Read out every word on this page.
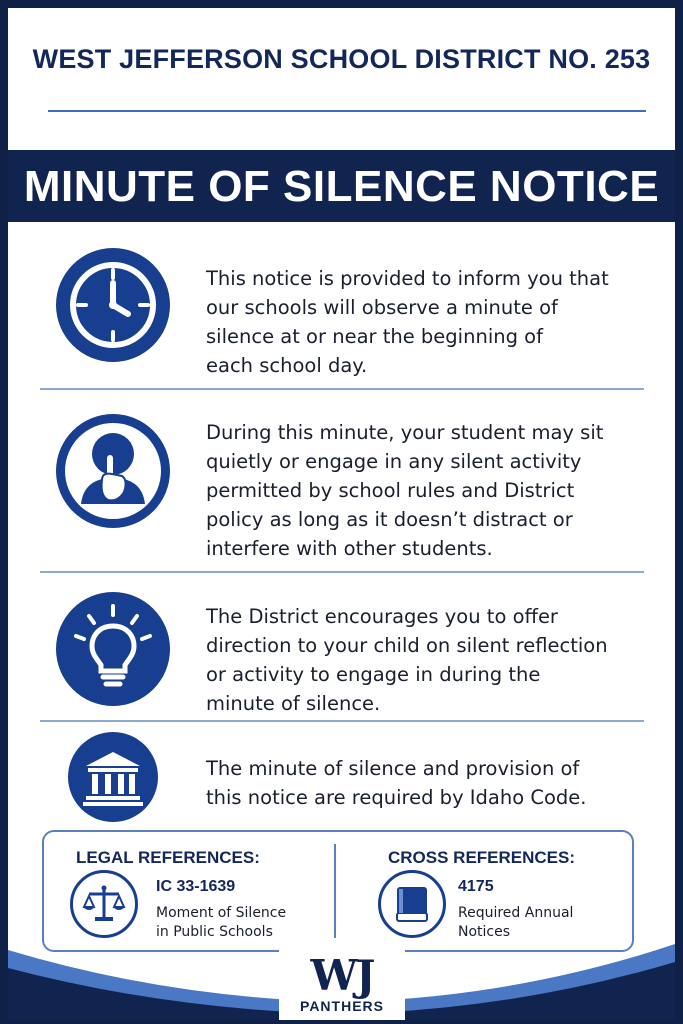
WEST JEFFERSON SCHOOL DISTRICT NO. 253
MINUTE OF SILENCE NOTICE
This notice is provided to inform you that
our schools will observe a minute of
silence at or near the beginning of
each school day.
During this minute, your student may sit
quietly or engage in any silent activity
permitted by school rules and District
policy as long as it doesn’t distract or
interfere with other students.
The District encourages you to offer
direction to your child on silent reflection
or activity to engage in during the
minute of silence.
The minute of silence and provision of
this notice are required by Idaho Code.
LEGAL REFERENCES:
IC 33-1639
Moment of Silence
in Public Schools
CROSS REFERENCES:
4175
Required Annual
Notices
WJ
PANTHERS
